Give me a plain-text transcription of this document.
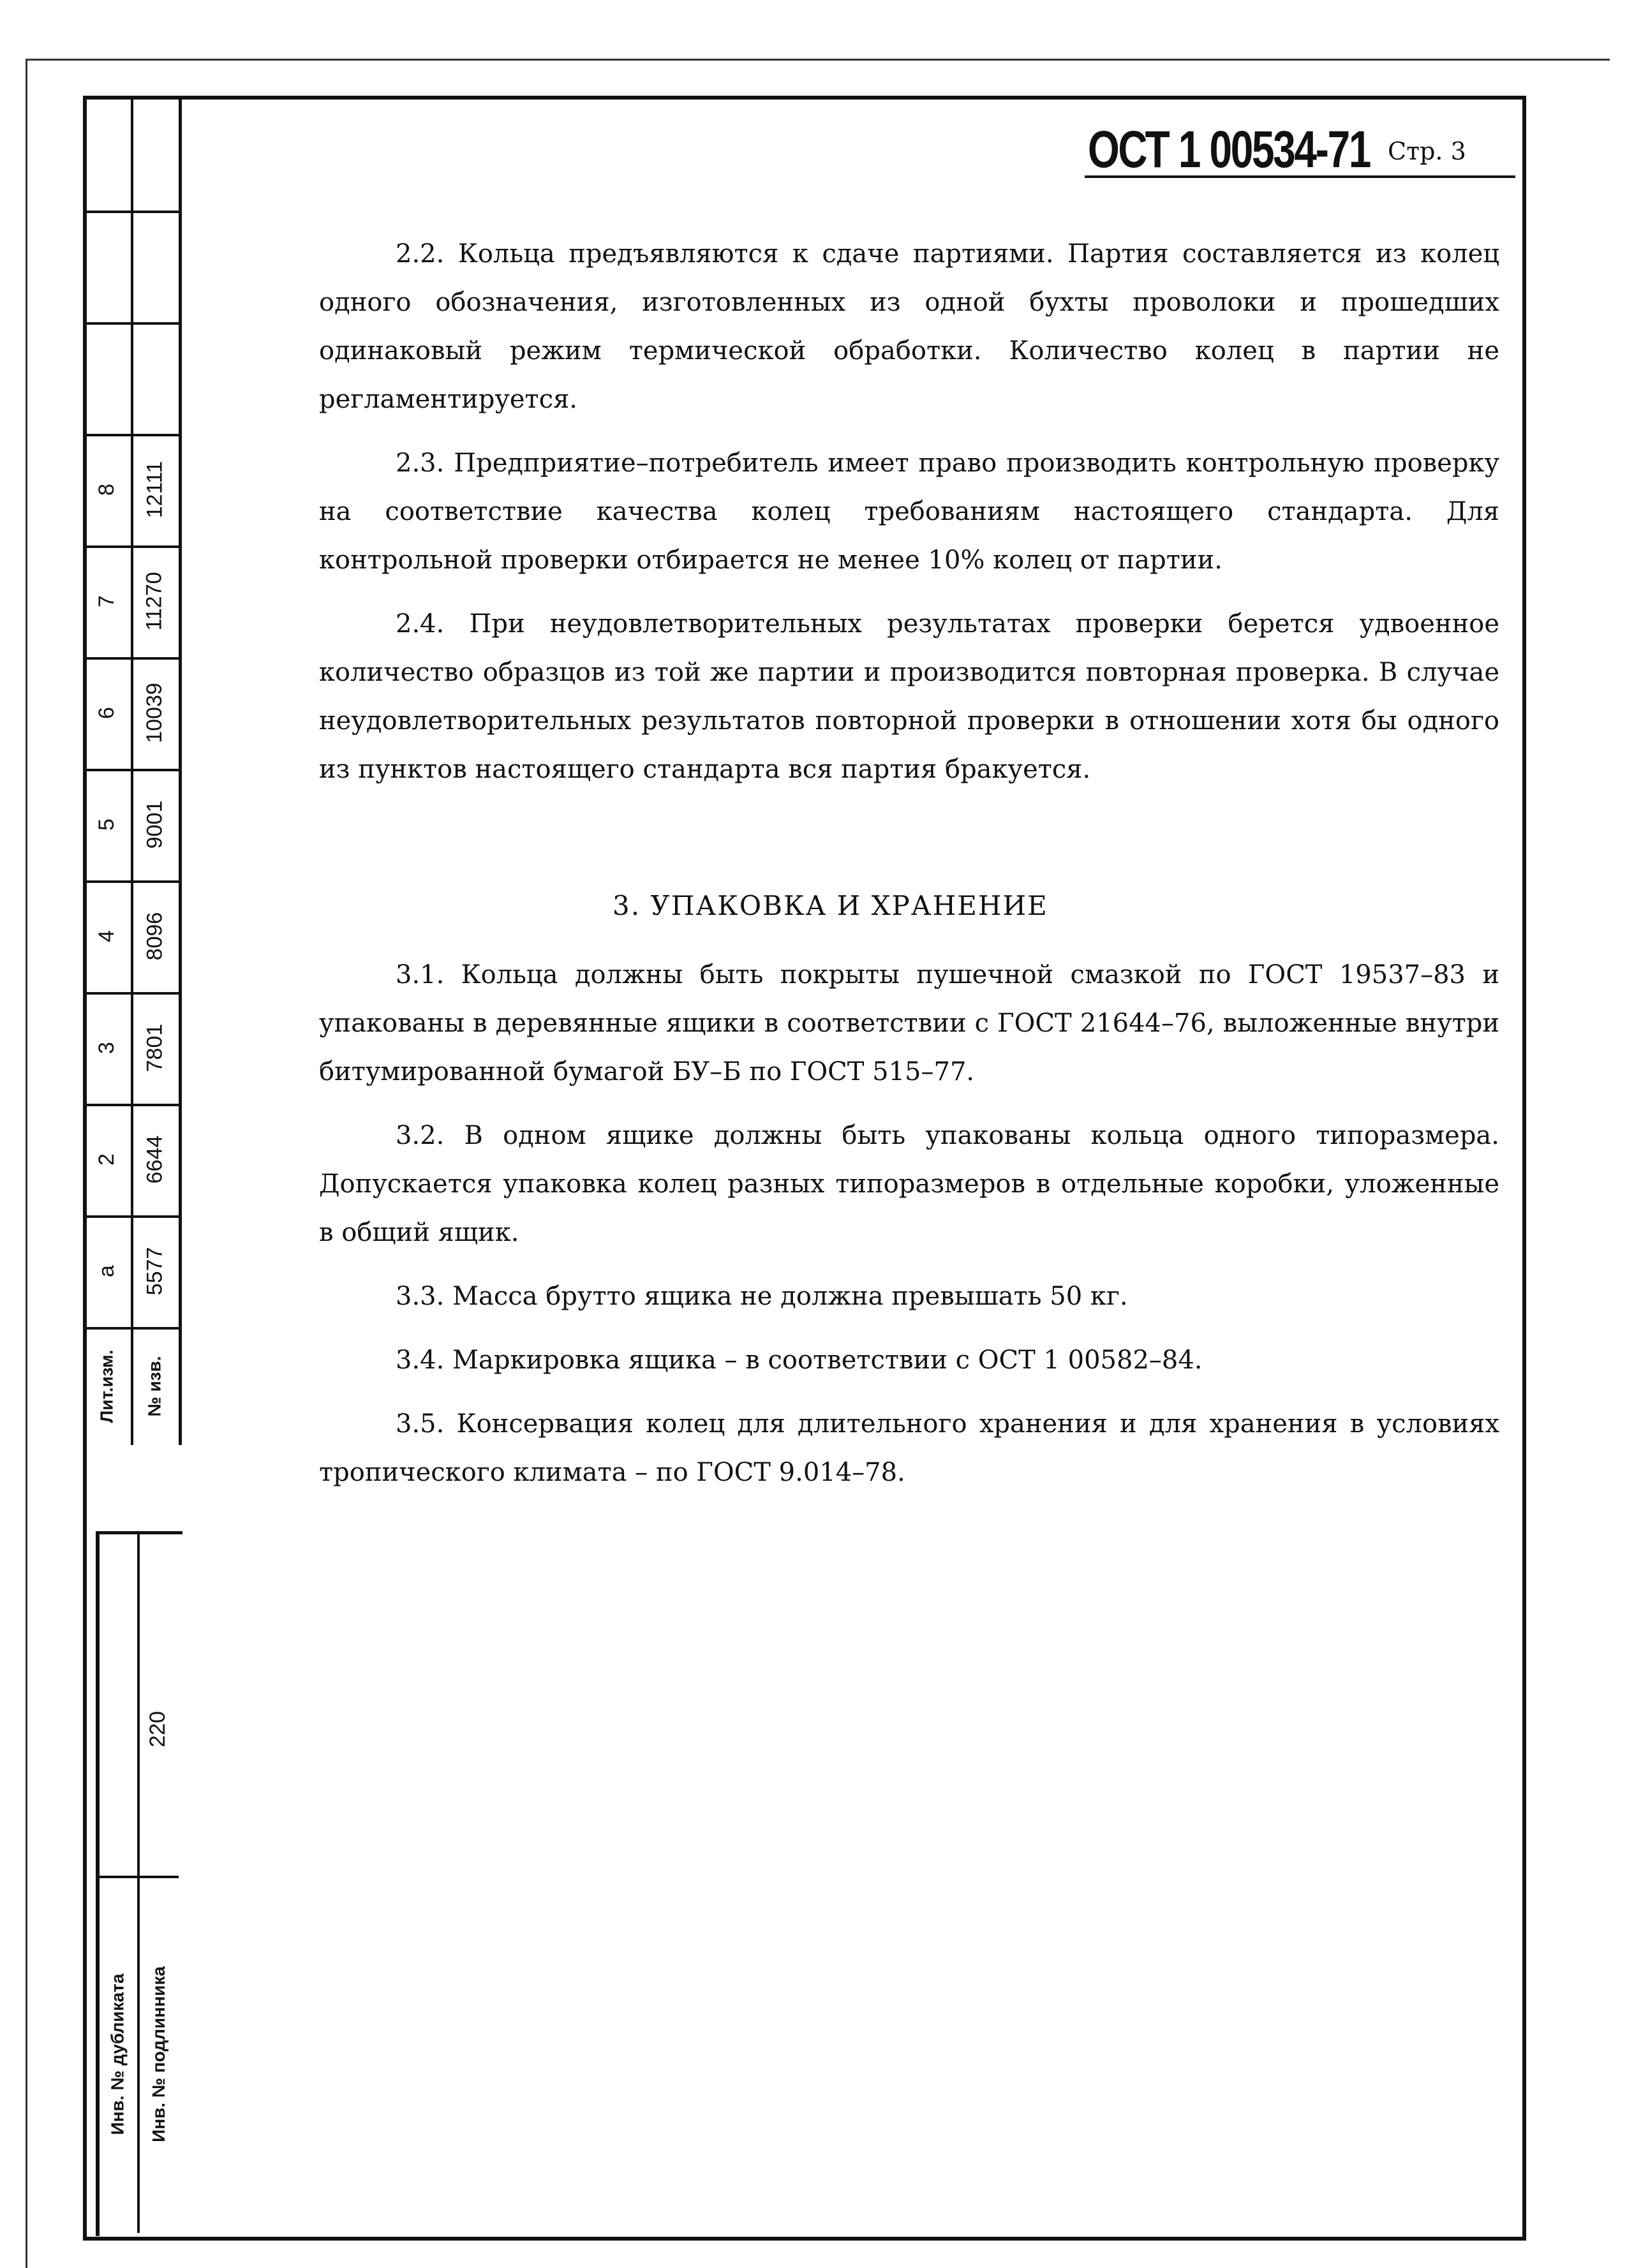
ОСТ 1 00534-71 Стр. 3
8 12111
7 11270
6 10039
5 9001
4 8096
3 7801
2 6644
а 5577
Лит.изм. № изв.
220
Инв. № дубликата Инв. № подлинника

2.2. Кольца предъявляются к сдаче партиями. Партия составляется из колец одного обозначения, изготовленных из одной бухты проволоки и прошедших одинаковый режим термической обработки. Количество колец в партии не регламентируется.

2.3. Предприятие–потребитель имеет право производить контрольную проверку на соответствие качества колец требованиям настоящего стандарта. Для контрольной проверки отбирается не менее 10% колец от партии.

2.4. При неудовлетворительных результатах проверки берется удвоенное количество образцов из той же партии и производится повторная проверка. В случае неудовлетворительных результатов повторной проверки в отношении хотя бы одного из пунктов настоящего стандарта вся партия бракуется.

3. УПАКОВКА И ХРАНЕНИЕ

3.1. Кольца должны быть покрыты пушечной смазкой по ГОСТ 19537–83 и упакованы в деревянные ящики в соответствии с ГОСТ 21644–76, выложенные внутри битумированной бумагой БУ–Б по ГОСТ 515–77.

3.2. В одном ящике должны быть упакованы кольца одного типоразмера. Допускается упаковка колец разных типоразмеров в отдельные коробки, уложенные в общий ящик.

3.3. Масса брутто ящика не должна превышать 50 кг.

3.4. Маркировка ящика – в соответствии с ОСТ 1 00582–84.

3.5. Консервация колец для длительного хранения и для хранения в условиях тропического климата – по ГОСТ 9.014–78.
